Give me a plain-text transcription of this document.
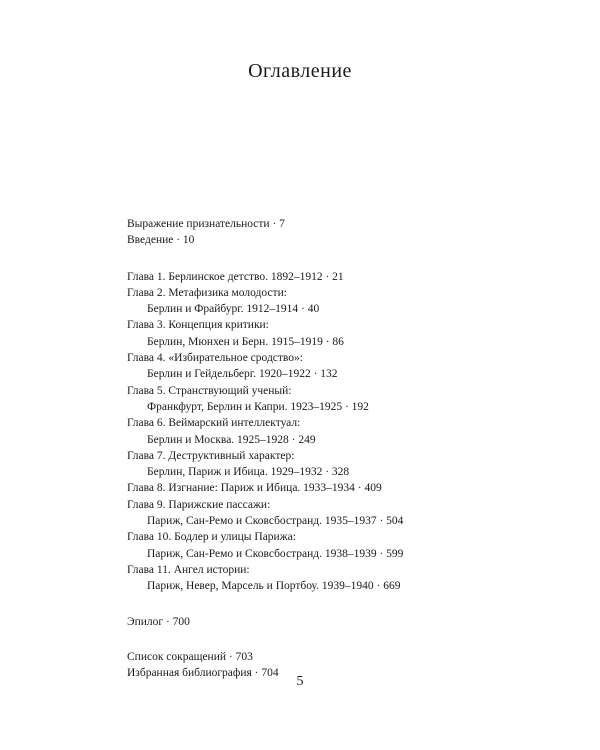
Оглавление
Выражение признательности · 7
Введение · 10
Глава 1. Берлинское детство. 1892–1912 · 21
Глава 2. Метафизика молодости:
Берлин и Фрайбург. 1912–1914 · 40
Глава 3. Концепция критики:
Берлин, Мюнхен и Берн. 1915–1919 · 86
Глава 4. «Избирательное сродство»:
Берлин и Гейдельберг. 1920–1922 · 132
Глава 5. Странствующий ученый:
Франкфурт, Берлин и Капри. 1923–1925 · 192
Глава 6. Веймарский интеллектуал:
Берлин и Москва. 1925–1928 · 249
Глава 7. Деструктивный характер:
Берлин, Париж и Ибица. 1929–1932 · 328
Глава 8. Изгнание: Париж и Ибица. 1933–1934 · 409
Глава 9. Парижские пассажи:
Париж, Сан-Ремо и Сковсбостранд. 1935–1937 · 504
Глава 10. Бодлер и улицы Парижа:
Париж, Сан-Ремо и Сковсбостранд. 1938–1939 · 599
Глава 11. Ангел истории:
Париж, Невер, Марсель и Портбоу. 1939–1940 · 669
Эпилог · 700
Список сокращений · 703
Избранная библиография · 704
5
